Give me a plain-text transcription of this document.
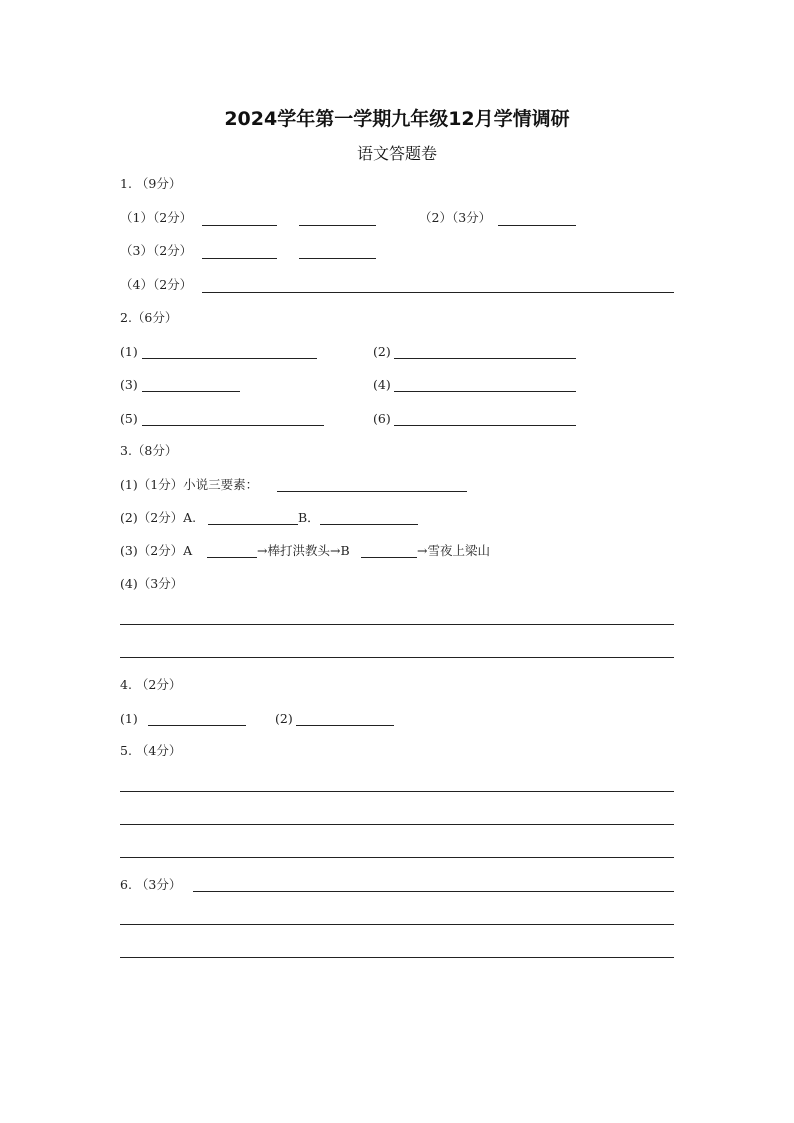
2024学年第一学期九年级12月学情调研
语文答题卷
1. （9分）
（1）（2分）	（2）（3分）
（3）（2分）
（4）（2分）
2.（6分）
(1)	(2)
(3)	(4)
(5)	(6)
3.（8分）
(1)（1分）小说三要素：
(2)（2分）A.	B．
(3)（2分）A	→棒打洪教头→B	→雪夜上梁山
(4)（3分）
4. （2分）
(1)	(2)
5. （4分）
6. （3分）
